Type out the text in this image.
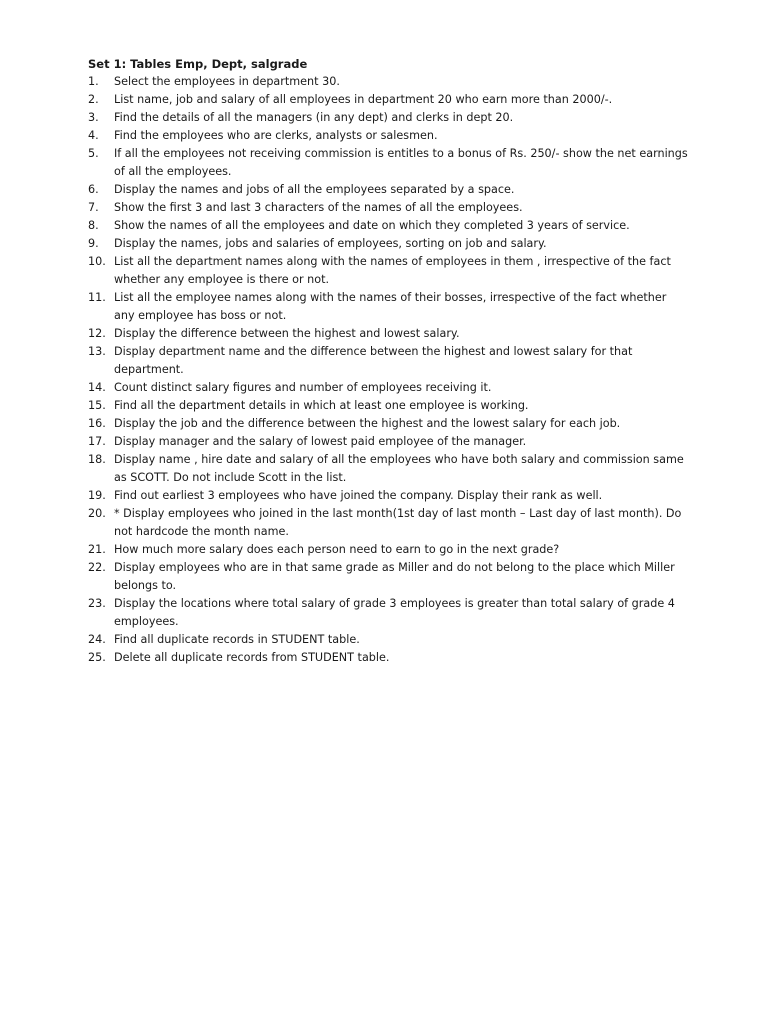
Set 1: Tables Emp, Dept, salgrade
1. Select the employees in department 30.
2. List name, job and salary of all employees in department 20 who earn more than 2000/-.
3. Find the details of all the managers (in any dept) and clerks in dept 20.
4. Find the employees who are clerks, analysts or salesmen.
5. If all the employees not receiving commission is entitles to a bonus of Rs. 250/- show the net earnings of all the employees.
6. Display the names and jobs of all the employees separated by a space.
7. Show the first 3 and last 3 characters of the names of all the employees.
8. Show the names of all the employees and date on which they completed 3 years of service.
9. Display the names, jobs and salaries of employees, sorting on job and salary.
10. List all the department names along with the names of employees in them , irrespective of the fact whether any employee is there or not.
11. List all the employee names along with the names of their bosses, irrespective of the fact whether any employee has boss or not.
12. Display the difference between the highest and lowest salary.
13. Display department name and the difference between the highest and lowest salary for that department.
14. Count distinct salary figures and number of employees receiving it.
15. Find all the department details in which at least one employee is working.
16. Display the job and the difference between the highest and the lowest salary for each job.
17. Display manager and the salary of lowest paid employee of the manager.
18. Display name , hire date and salary of all the employees who have both salary and commission same as SCOTT. Do not include Scott in the list.
19. Find out earliest 3 employees who have joined the company. Display their rank as well.
20. * Display employees who joined in the last month(1st day of last month – Last day of last month). Do not hardcode the month name.
21. How much more salary does each person need to earn to go in the next grade?
22. Display employees who are in that same grade as Miller and do not belong to the place which Miller belongs to.
23. Display the locations where total salary of grade 3 employees is greater than total salary of grade 4 employees.
24. Find all duplicate records in STUDENT table.
25. Delete all duplicate records from STUDENT table.
